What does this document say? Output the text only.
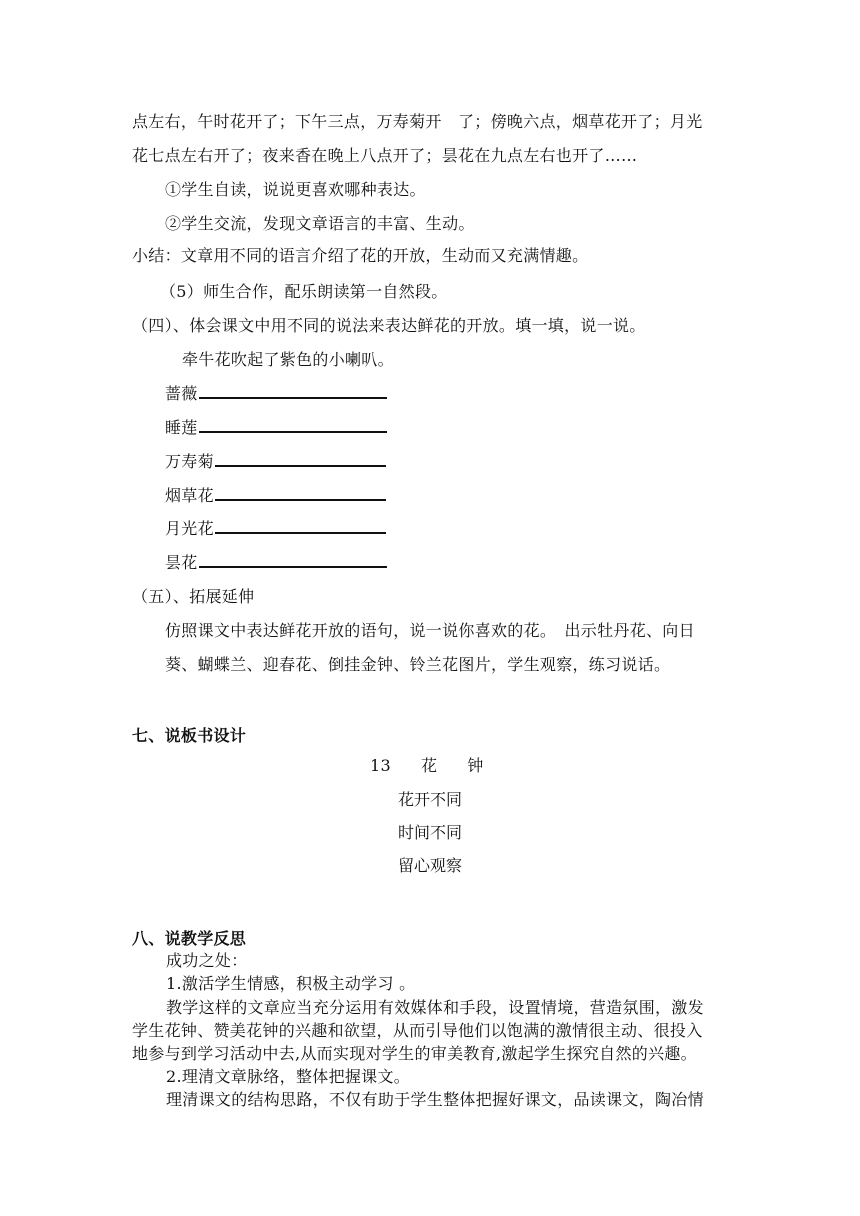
点左右，午时花开了；下午三点，万寿菊开　了；傍晚六点，烟草花开了；月光
花七点左右开了；夜来香在晚上八点开了；昙花在九点左右也开了……
①学生自读，说说更喜欢哪种表达。
②学生交流，发现文章语言的丰富、生动。
小结：文章用不同的语言介绍了花的开放，生动而又充满情趣。
（5）师生合作，配乐朗读第一自然段。
（四）、体会课文中用不同的说法来表达鲜花的开放。填一填，说一说。
牵牛花吹起了紫色的小喇叭。
蔷薇
睡莲
万寿菊
烟草花
月光花
昙花
（五）、拓展延伸
仿照课文中表达鲜花开放的语句，说一说你喜欢的花。　出示牡丹花、向日
葵、蝴蝶兰、迎春花、倒挂金钟、铃兰花图片，学生观察，练习说话。
七、说板书设计
13 花 钟
花开不同
时间不同
留心观察
八、说教学反思
成功之处：
1.激活学生情感，积极主动学习 。
教学这样的文章应当充分运用有效媒体和手段，设置情境，营造氛围，激发
学生花钟、赞美花钟的兴趣和欲望，从而引导他们以饱满的激情很主动、很投入
地参与到学习活动中去,从而实现对学生的审美教育,激起学生探究自然的兴趣。
2.理清文章脉络，整体把握课文。
理清课文的结构思路，不仅有助于学生整体把握好课文，品读课文，陶冶情
